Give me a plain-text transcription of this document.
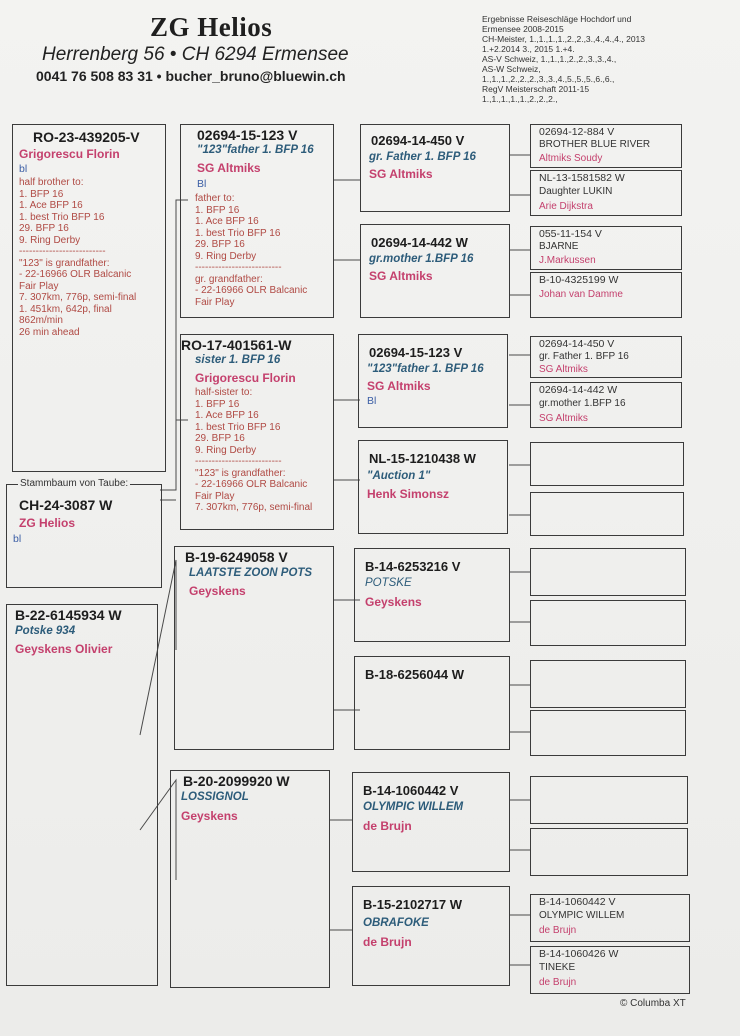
ZG Helios
Herrenberg 56 • CH 6294 Ermensee
0041 76 508 83 31 • bucher_bruno@bluewin.ch
Ergebnisse Reiseschläge Hochdorf und
Ermensee 2008-2015
CH-Meister, 1.,1.,1.,1.,2.,2.,3.,4.,4.,4., 2013
1.+2.2014 3., 2015 1.+4.
AS-V Schweiz, 1.,1.,1.,2.,2.,3.,3.,4.,
AS-W Schweiz,
1.,1.,1.,2.,2.,2.,3.,3.,4.,5.,5.,5.,6.,6.,
RegV Meisterschaft 2011-15
1.,1.,1.,1.,1.,2.,2.,2.,
RO-23-439205-V
Grigorescu Florin
bl
half brother to:
1. BFP 16
1. Ace BFP 16
1. best Trio BFP 16
29. BFP 16
9. Ring Derby
--------------------------
"123" is grandfather:
- 22-16966 OLR Balcanic
Fair Play
7. 307km, 776p, semi-final
1. 451km, 642p, final
862m/min
26 min ahead
CH-24-3087 W
ZG Helios
bl
Stammbaum von Taube:
B-22-6145934 W
Potske 934
Geyskens Olivier
02694-15-123 V
"123"father 1. BFP 16
SG Altmiks
Bl
father to:
1. BFP 16
1. Ace BFP 16
1. best Trio BFP 16
29. BFP 16
9. Ring Derby
--------------------------
gr. grandfather:
- 22-16966 OLR Balcanic
Fair Play
RO-17-401561-W
sister 1. BFP 16
Grigorescu Florin
half-sister to:
1. BFP 16
1. Ace BFP 16
1. best Trio BFP 16
29. BFP 16
9. Ring Derby
--------------------------
"123" is grandfather:
- 22-16966 OLR Balcanic
Fair Play
7. 307km, 776p, semi-final
B-19-6249058 V
LAATSTE ZOON POTS
Geyskens
B-20-2099920 W
LOSSIGNOL
Geyskens
02694-14-450 V
gr. Father 1. BFP 16
SG Altmiks
02694-14-442 W
gr.mother 1.BFP 16
SG Altmiks
02694-15-123 V
"123"father 1. BFP 16
SG Altmiks
Bl
NL-15-1210438 W
"Auction 1"
Henk Simonsz
B-14-6253216 V
POTSKE
Geyskens
B-18-6256044 W
B-14-1060442 V
OLYMPIC WILLEM
de Brujn
B-15-2102717 W
OBRAFOKE
de Brujn
02694-12-884 V
BROTHER BLUE RIVER
Altmiks Soudy
NL-13-1581582 W
Daughter LUKIN
Arie Dijkstra
055-11-154 V
BJARNE
J.Markussen
B-10-4325199 W
Johan van Damme
02694-14-450 V
gr. Father 1. BFP 16
SG Altmiks
02694-14-442 W
gr.mother 1.BFP 16
SG Altmiks
B-14-1060442 V
OLYMPIC WILLEM
de Brujn
B-14-1060426 W
TINEKE
de Brujn
© Columba XT
